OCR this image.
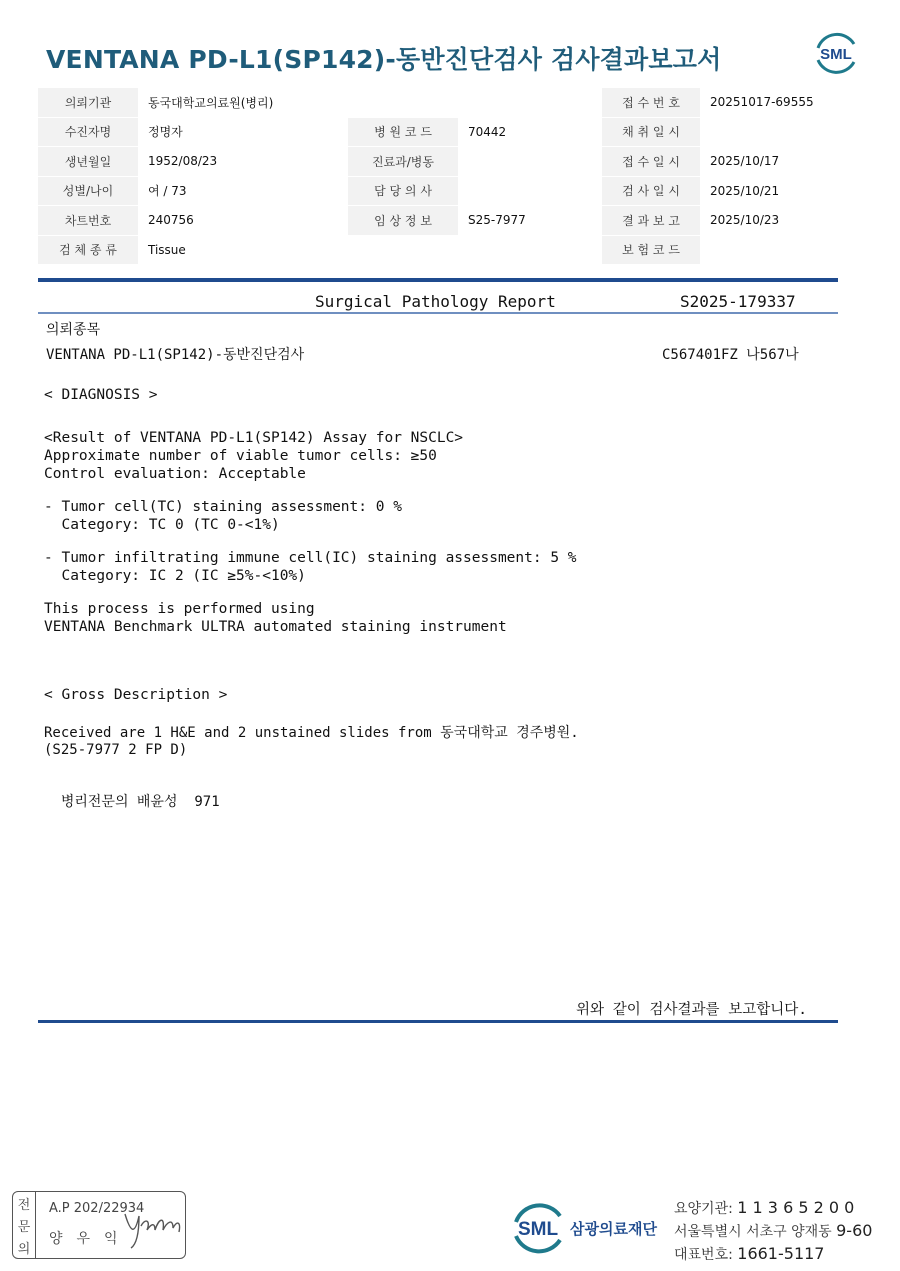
VENTANA PD-L1(SP142)-동반진단검사 검사결과보고서	SML
의뢰기관	동국대학교의료원(병리)			접 수 번 호	20251017-69555
수진자명	정명자	병 원 코 드	70442	채 취 일 시	
생년월일	1952/08/23	진료과/병동		접 수 일 시	2025/10/17
성별/나이	여 / 73	담 당 의 사		검 사 일 시	2025/10/21
차트번호	240756	임 상 정 보	S25-7977	결 과 보 고	2025/10/23
검 체 종 류	Tissue			보 험 코 드	
Surgical Pathology Report	S2025-179337
의뢰종목
VENTANA PD-L1(SP142)-동반진단검사	C567401FZ 나567나
< DIAGNOSIS >
<Result of VENTANA PD-L1(SP142) Assay for NSCLC>
Approximate number of viable tumor cells: ≥50
Control evaluation: Acceptable
- Tumor cell(TC) staining assessment: 0 %
Category: TC 0 (TC 0-<1%)
- Tumor infiltrating immune cell(IC) staining assessment: 5 %
Category: IC 2 (IC ≥5%-<10%)
This process is performed using
VENTANA Benchmark ULTRA automated staining instrument
< Gross Description >
Received are 1 H&E and 2 unstained slides from 동국대학교 경주병원.
(S25-7977 2 FP D)
병리전문의 배윤성  971
위와 같이 검사결과를 보고합니다.
전
문
의
A.P 202/22934
양우익	SML 삼광의료재단
요양기관: 1 1 3 6 5 2 0 0
서울특별시 서초구 양재동 9-60
대표번호: 1661-5117
